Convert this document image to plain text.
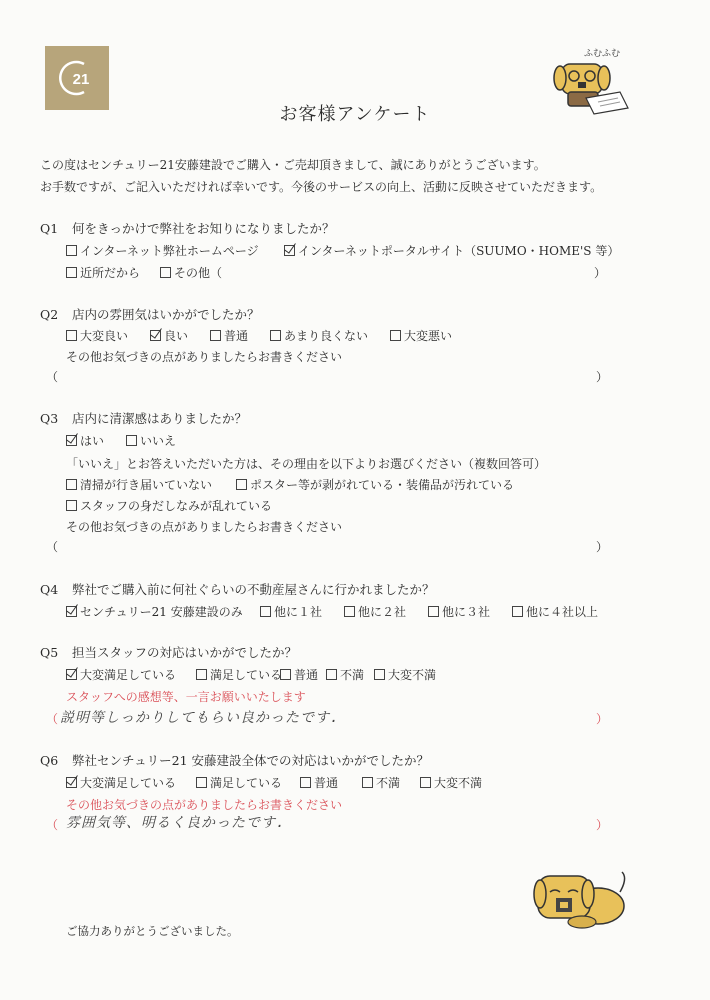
21
ふむふむ
お客様アンケート
この度はセンチュリー21安藤建設でご購入・ご売却頂きまして、誠にありがとうございます。
お手数ですが、ご記入いただければ幸いです。今後のサービスの向上、活動に反映させていただきます。
Q1 何をきっかけで弊社をお知りになりましたか？
インターネット弊社ホームページ	インターネットポータルサイト（SUUMO・HOME'S 等）
近所だから	その他（	）
Q2 店内の雰囲気はいかがでしたか？
大変良い	良い	普通	あまり良くない	大変悪い
その他お気づきの点がありましたらお書きください
（	）
Q3 店内に清潔感はありましたか？
はい	いいえ
「いいえ」とお答えいただいた方は、その理由を以下よりお選びください（複数回答可）
清掃が行き届いていない	ポスター等が剥がれている・装備品が汚れている
スタッフの身だしなみが乱れている
その他お気づきの点がありましたらお書きください
（	）
Q4 弊社でご購入前に何社ぐらいの不動産屋さんに行かれましたか？
センチュリー21 安藤建設のみ	他に１社	他に２社	他に３社	他に４社以上
Q5 担当スタッフの対応はいかがでしたか？
大変満足している	満足している 普通 不満 大変不満
スタッフへの感想等、一言お願いいたします
（ 説明等しっかりしてもらい良かったです.	）
Q6 弊社センチュリー21 安藤建設全体での対応はいかがでしたか？
大変満足している	満足している	普通	不満	大変不満
その他お気づきの点がありましたらお書きください
（ 雰囲気等、明るく良かったです.	）
ご協力ありがとうございました。
